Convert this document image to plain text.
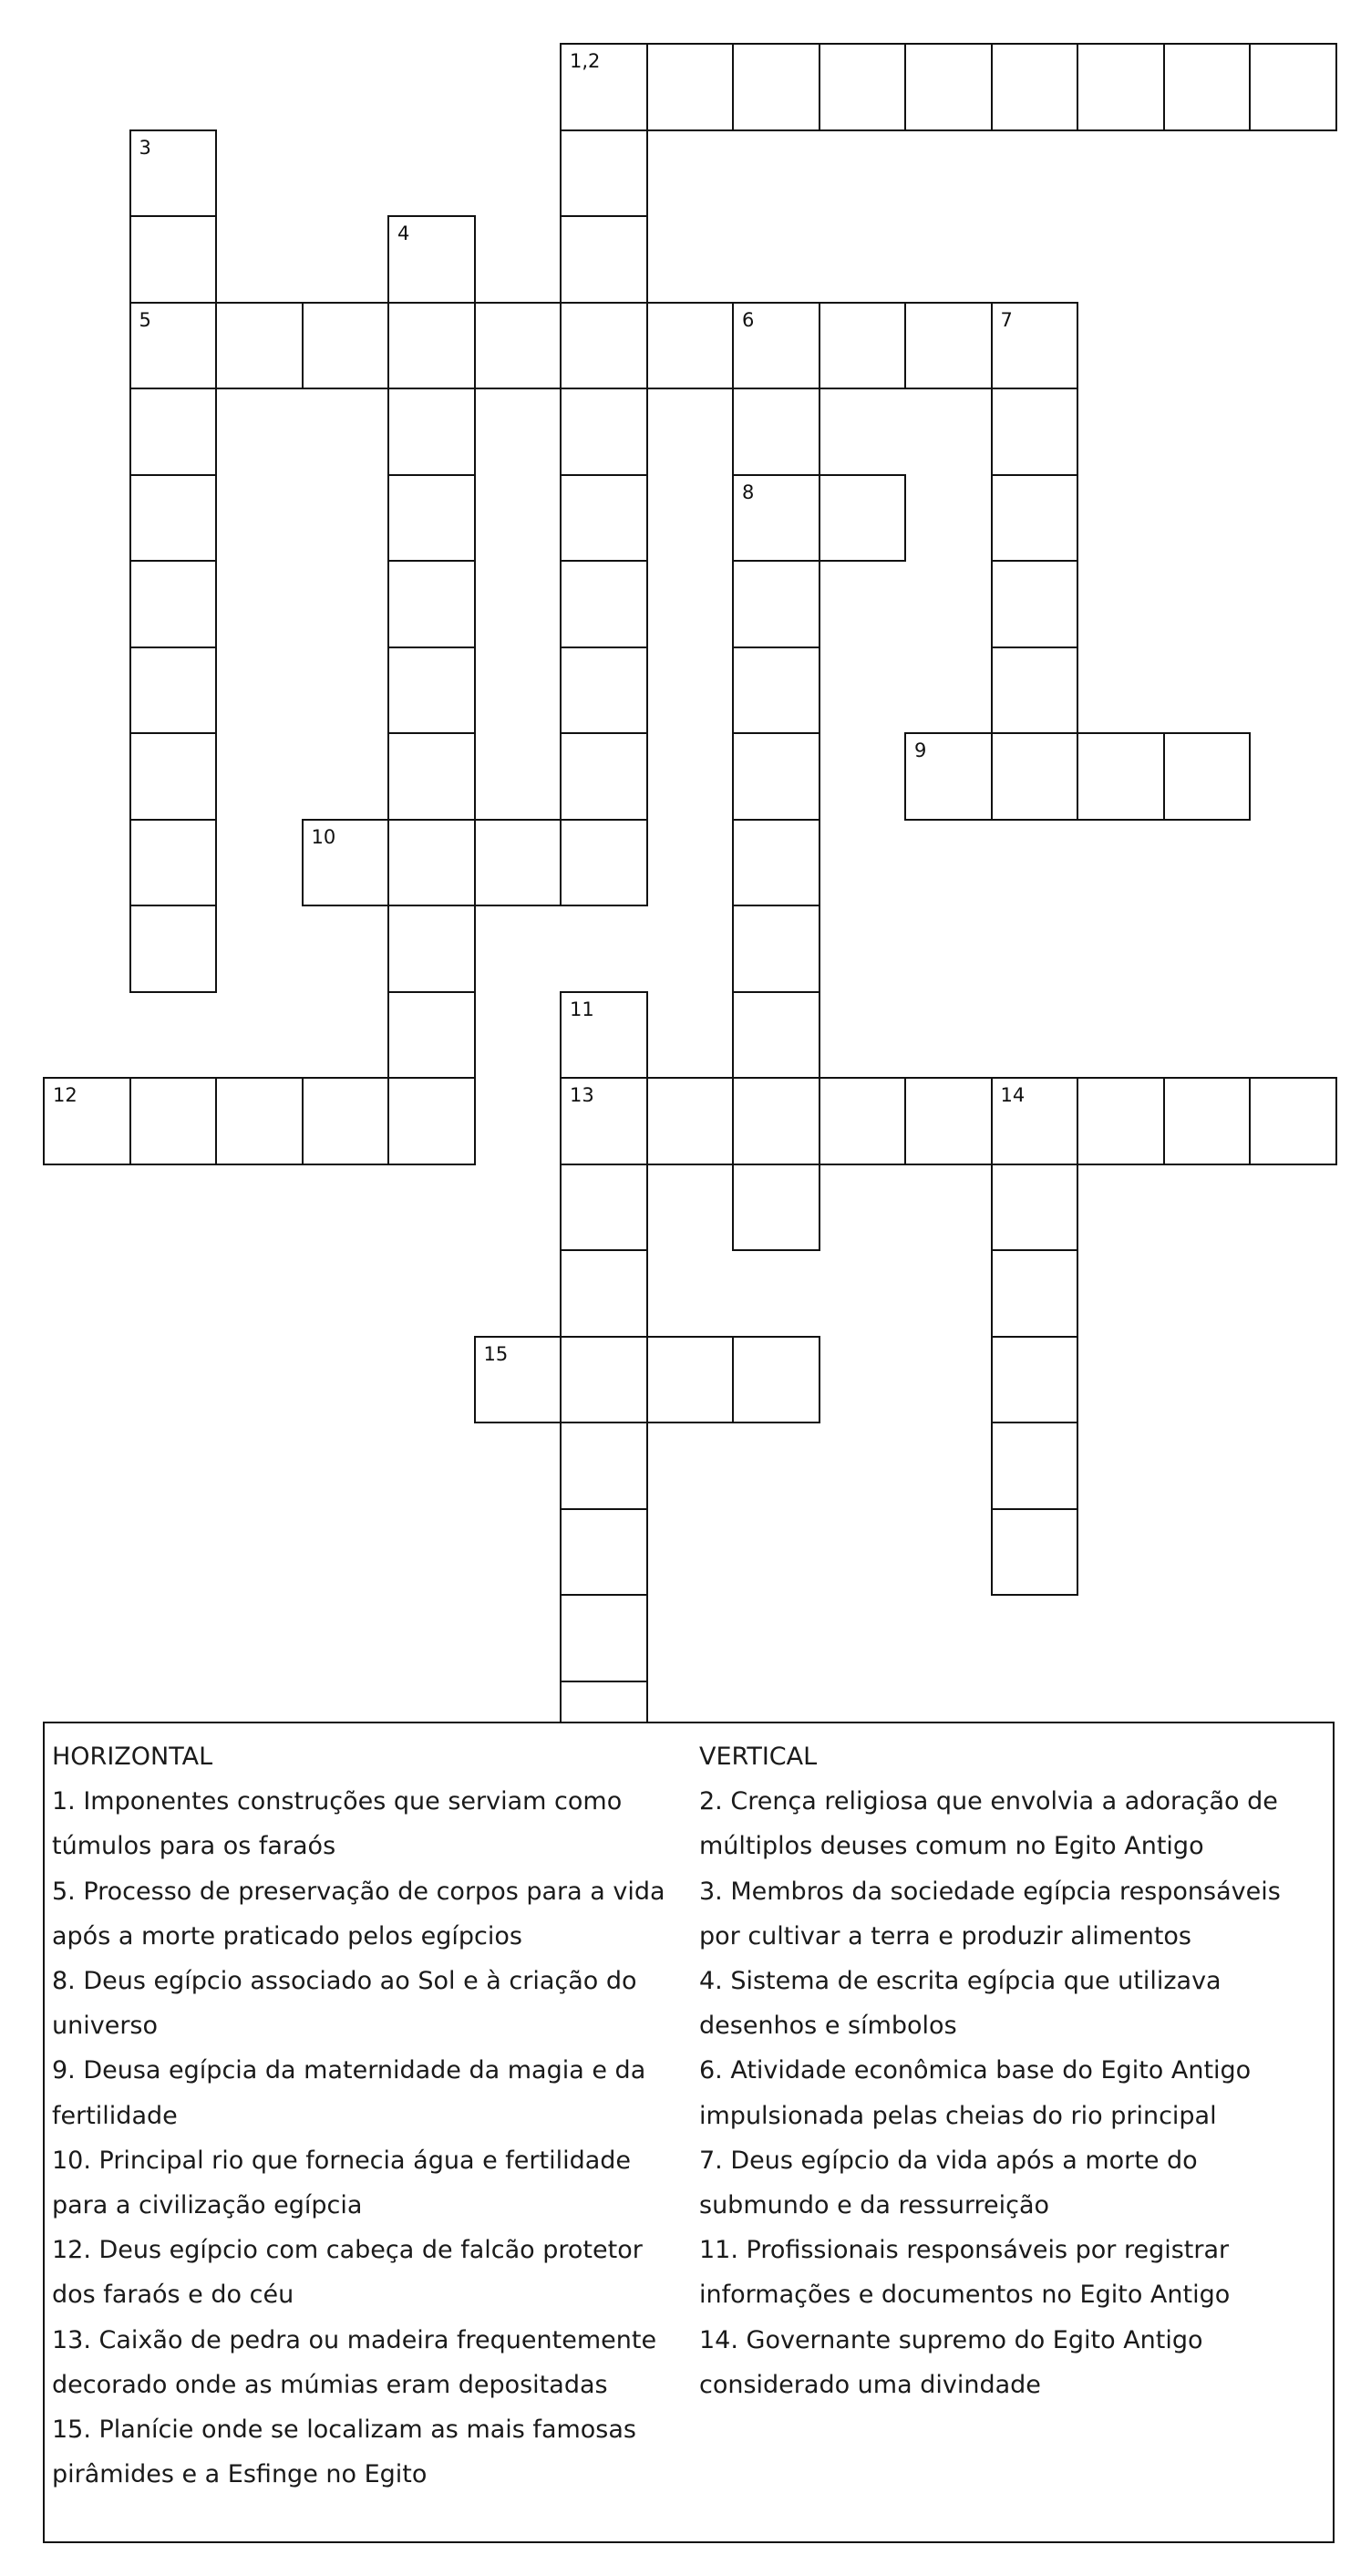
1,2
3
5
4
6	7
8
9
10
11
12	13	14
15

HORIZONTAL

1. Imponentes construções que serviam como túmulos para os faraós

5. Processo de preservação de corpos para a vida após a morte praticado pelos egípcios

8. Deus egípcio associado ao Sol e à criação do universo

9. Deusa egípcia da maternidade da magia e da fertilidade

10. Principal rio que fornecia água e fertilidade para a civilização egípcia

12. Deus egípcio com cabeça de falcão protetor dos faraós e do céu

13. Caixão de pedra ou madeira frequentemente decorado onde as múmias eram depositadas

15. Planície onde se localizam as mais famosas pirâmides e a Esfinge no Egito

VERTICAL

2. Crença religiosa que envolvia a adoração de múltiplos deuses comum no Egito Antigo

3. Membros da sociedade egípcia responsáveis por cultivar a terra e produzir alimentos

4. Sistema de escrita egípcia que utilizava desenhos e símbolos

6. Atividade econômica base do Egito Antigo impulsionada pelas cheias do rio principal

7. Deus egípcio da vida após a morte do submundo e da ressurreição

11. Profissionais responsáveis por registrar informações e documentos no Egito Antigo

14. Governante supremo do Egito Antigo considerado uma divindade
